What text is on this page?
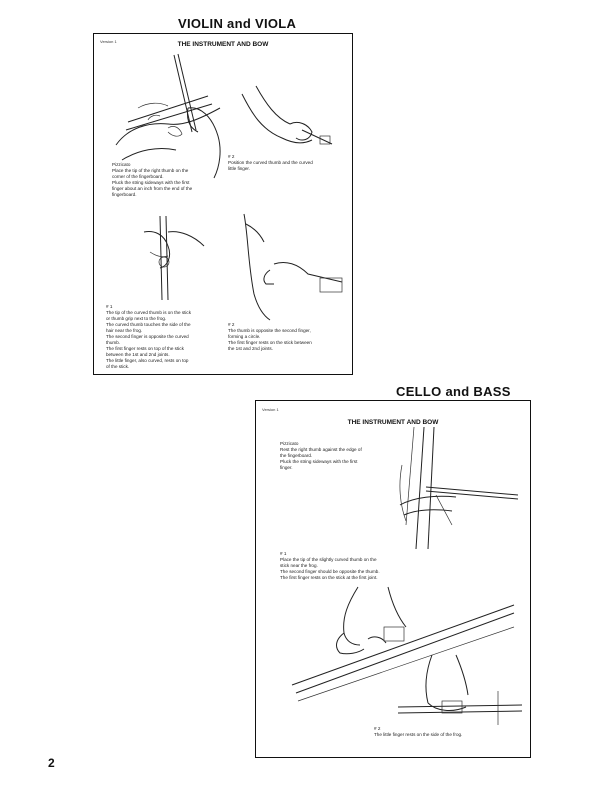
VIOLIN and VIOLA
Version 1	THE INSTRUMENT AND BOW
Pizzicato
Place the tip of the right thumb on the
corner of the fingerboard.
Pluck the string sideways with the first
finger about an inch from the end of the
fingerboard.
# 2
Position the curved thumb and the curved
little finger.
# 1
The tip of the curved thumb is on the stick
or thumb grip next to the frog.
The curved thumb touches the side of the
hair near the frog.
The second finger is opposite the curved
thumb.
The first finger rests on top of the stick
between the 1st and 2nd joints.
The little finger, also curved, rests on top
of the stick.
# 2
The thumb is opposite the second finger,
forming a circle.
The first finger rests on the stick between
the 1st and 2nd joints.
CELLO and BASS
Version 1
THE INSTRUMENT AND BOW
Pizzicato
Rest the right thumb against the edge of
the fingerboard.
Pluck the string sideways with the first
finger.
# 1
Place the tip of the slightly curved thumb on the
stick near the frog.
The second finger should be opposite the thumb.
The first finger rests on the stick at the first joint.
# 2
The little finger rests on the side of the frog.
2
